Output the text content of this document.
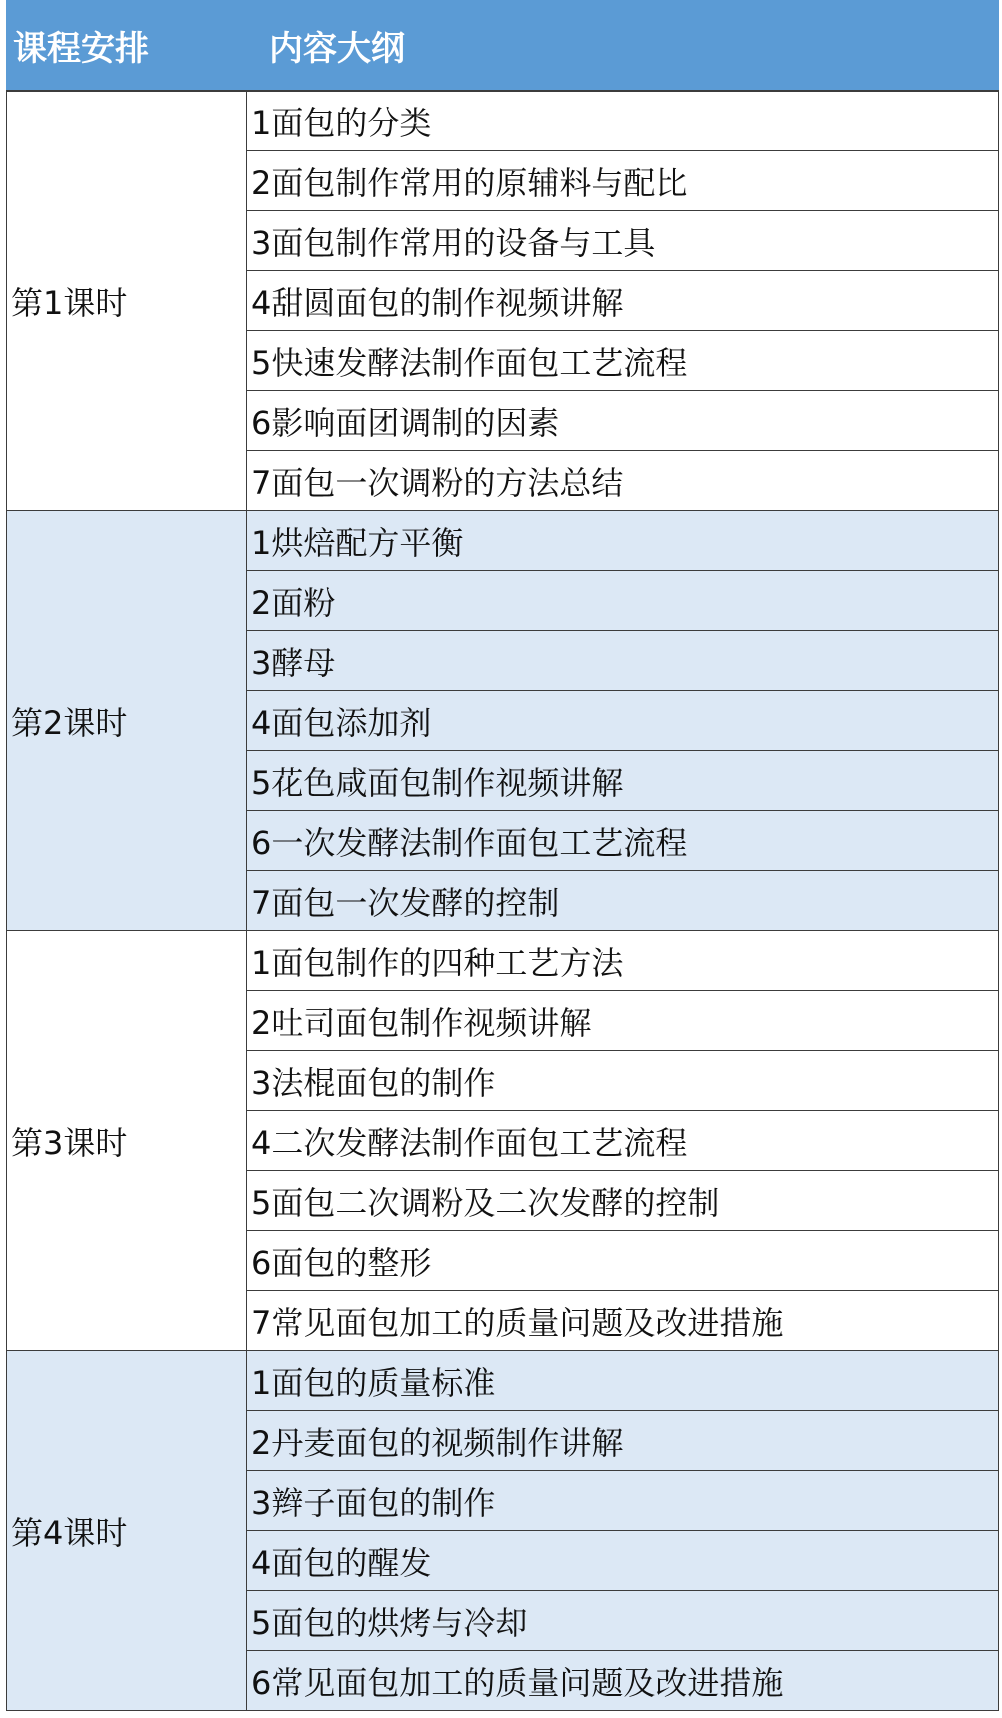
课程安排	内容大纲
第1课时	1面包的分类
	2面包制作常用的原辅料与配比
	3面包制作常用的设备与工具
	4甜圆面包的制作视频讲解
	5快速发酵法制作面包工艺流程
	6影响面团调制的因素
	7面包一次调粉的方法总结
第2课时	1烘焙配方平衡
	2面粉
	3酵母
	4面包添加剂
	5花色咸面包制作视频讲解
	6一次发酵法制作面包工艺流程
	7面包一次发酵的控制
第3课时	1面包制作的四种工艺方法
	2吐司面包制作视频讲解
	3法棍面包的制作
	4二次发酵法制作面包工艺流程
	5面包二次调粉及二次发酵的控制
	6面包的整形
	7常见面包加工的质量问题及改进措施
第4课时	1面包的质量标准
	2丹麦面包的视频制作讲解
	3辫子面包的制作
	4面包的醒发
	5面包的烘烤与冷却
	6常见面包加工的质量问题及改进措施
